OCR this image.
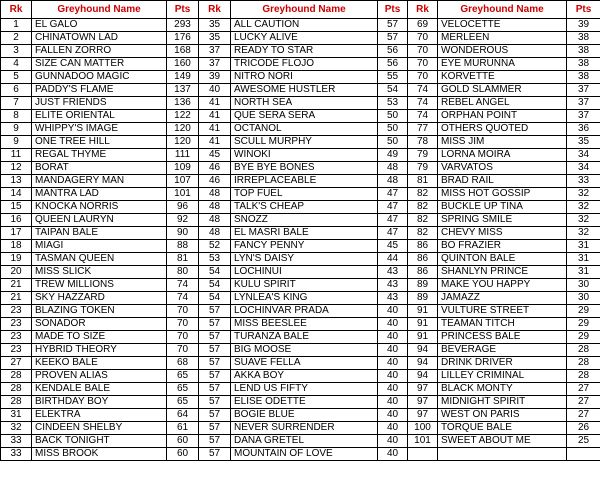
Rk	Greyhound Name	Pts	Rk	Greyhound Name	Pts	Rk	Greyhound Name	Pts
1	EL GALO	293	35	ALL CAUTION	57	69	VELOCETTE	39
2	CHINATOWN LAD	176	35	LUCKY ALIVE	57	70	MERLEEN	38
3	FALLEN ZORRO	168	37	READY TO STAR	56	70	WONDEROUS	38
4	SIZE CAN MATTER	160	37	TRICODE FLOJO	56	70	EYE MURUNNA	38
5	GUNNADOO MAGIC	149	39	NITRO NORI	55	70	KORVETTE	38
6	PADDY'S FLAME	137	40	AWESOME HUSTLER	54	74	GOLD SLAMMER	37
7	JUST FRIENDS	136	41	NORTH SEA	53	74	REBEL ANGEL	37
8	ELITE ORIENTAL	122	41	QUE SERA SERA	50	74	ORPHAN POINT	37
9	WHIPPY'S IMAGE	120	41	OCTANOL	50	77	OTHERS QUOTED	36
9	ONE TREE HILL	120	41	SCULL MURPHY	50	78	MISS JIM	35
11	REGAL THYME	111	45	WINOKI	49	79	LORNA MOIRA	34
12	BORAT	109	46	BYE BYE BONES	48	79	VARVATOS	34
13	MANDAGERY MAN	107	46	IRREPLACEABLE	48	81	BRAD RAIL	33
14	MANTRA LAD	101	48	TOP FUEL	47	82	MISS HOT GOSSIP	32
15	KNOCKA NORRIS	96	48	TALK'S CHEAP	47	82	BUCKLE UP TINA	32
16	QUEEN LAURYN	92	48	SNOZZ	47	82	SPRING SMILE	32
17	TAIPAN BALE	90	48	EL MASRI BALE	47	82	CHEVY MISS	32
18	MIAGI	88	52	FANCY PENNY	45	86	BO FRAZIER	31
19	TASMAN QUEEN	81	53	LYN'S DAISY	44	86	QUINTON BALE	31
20	MISS SLICK	80	54	LOCHINUI	43	86	SHANLYN PRINCE	31
21	TREW MILLIONS	74	54	KULU SPIRIT	43	89	MAKE YOU HAPPY	30
21	SKY HAZZARD	74	54	LYNLEA'S KING	43	89	JAMAZZ	30
23	BLAZING TOKEN	70	57	LOCHINVAR PRADA	40	91	VULTURE STREET	29
23	SONADOR	70	57	MISS BEESLEE	40	91	TEAMAN TITCH	29
23	MADE TO SIZE	70	57	TURANZA BALE	40	91	PRINCESS BALE	29
23	HYBRID THEORY	70	57	BIG MOOSE	40	94	BEVERAGE	28
27	KEEKO BALE	68	57	SUAVE FELLA	40	94	DRINK DRIVER	28
28	PROVEN ALIAS	65	57	AKKA BOY	40	94	LILLEY CRIMINAL	28
28	KENDALE BALE	65	57	LEND US FIFTY	40	97	BLACK MONTY	27
28	BIRTHDAY BOY	65	57	ELISE ODETTE	40	97	MIDNIGHT SPIRIT	27
31	ELEKTRA	64	57	BOGIE BLUE	40	97	WEST ON PARIS	27
32	CINDEEN SHELBY	61	57	NEVER SURRENDER	40	100	TORQUE BALE	26
33	BACK TONIGHT	60	57	DANA GRETEL	40	101	SWEET ABOUT ME	25
33	MISS BROOK	60	57	MOUNTAIN OF LOVE	40			
